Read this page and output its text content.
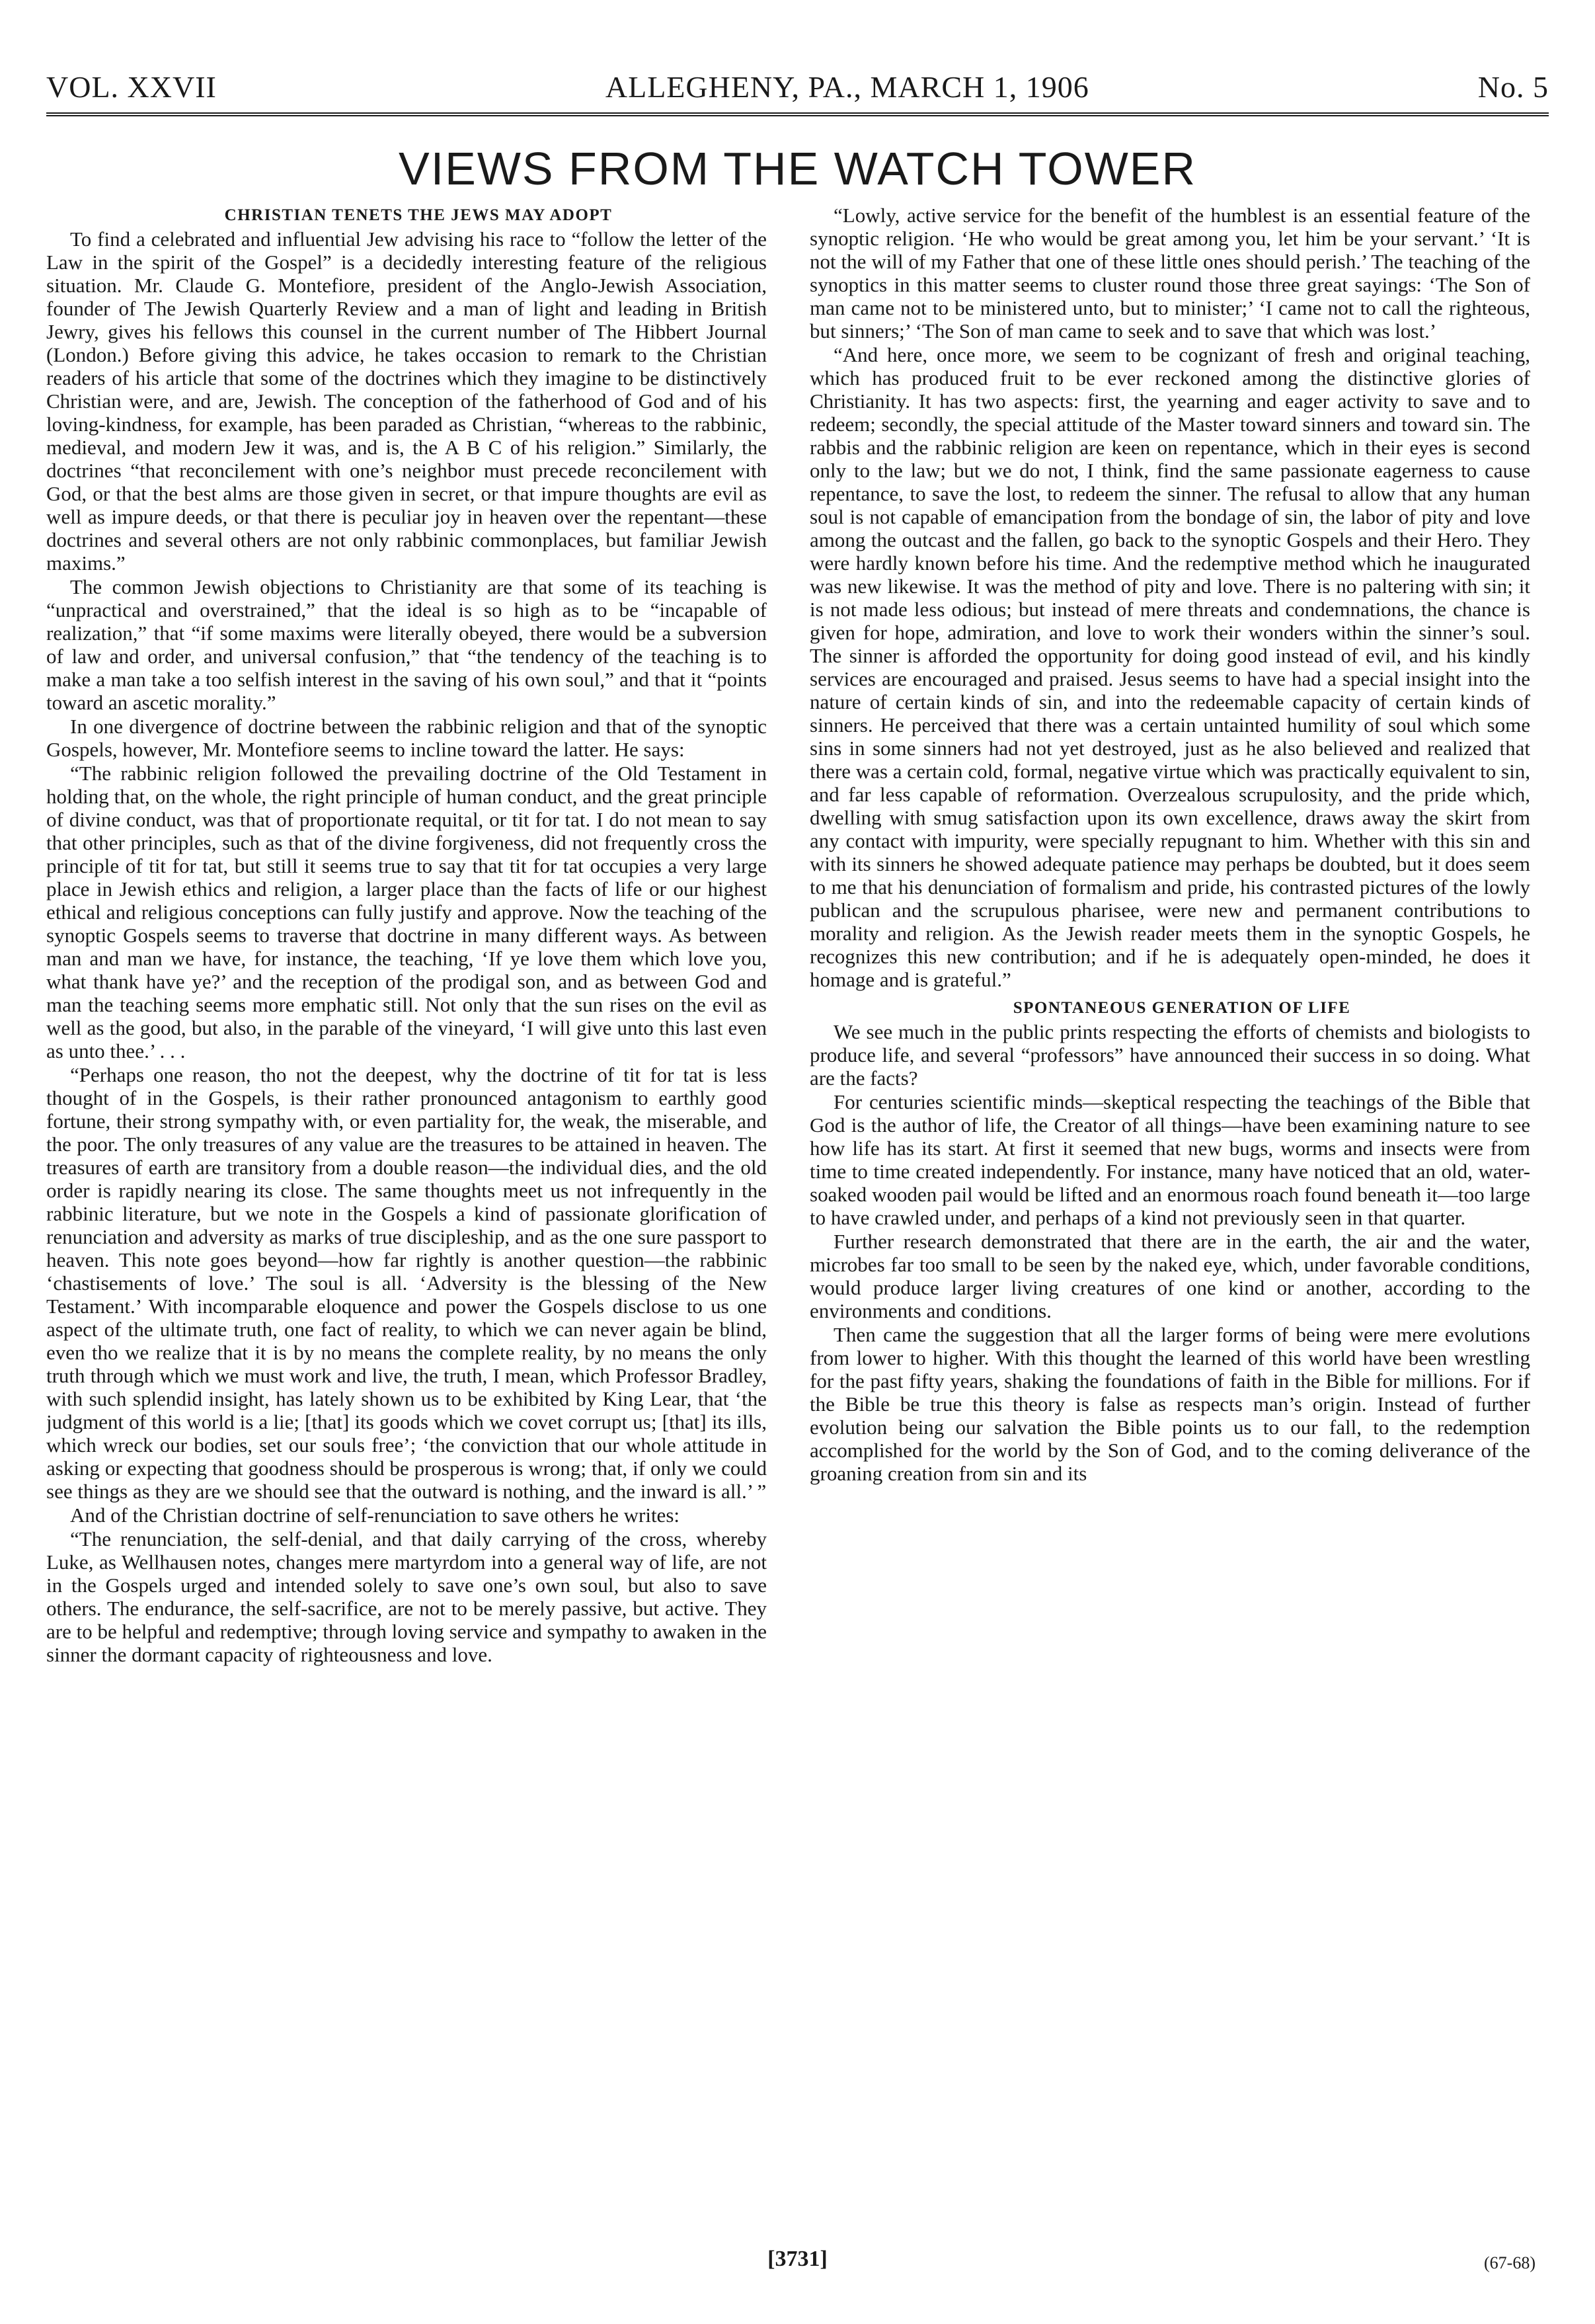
VOL. XXVII	ALLEGHENY, PA., MARCH 1, 1906	No. 5
VIEWS FROM THE WATCH TOWER

CHRISTIAN TENETS THE JEWS MAY ADOPT

To find a celebrated and influential Jew advising his race to “follow the letter of the Law in the spirit of the Gospel” is a decidedly interesting feature of the religious situation. Mr. Claude G. Montefiore, president of the Anglo-Jewish Association, founder of The Jewish Quarterly Review and a man of light and leading in British Jewry, gives his fellows this counsel in the current number of The Hibbert Journal (London.) Before giving this advice, he takes occasion to remark to the Christian readers of his article that some of the doctrines which they imagine to be distinctively Christian were, and are, Jewish. The conception of the fatherhood of God and of his loving-kindness, for example, has been paraded as Christian, “whereas to the rabbinic, medieval, and modern Jew it was, and is, the A B C of his religion.” Similarly, the doctrines “that reconcilement with one’s neighbor must precede reconcilement with God, or that the best alms are those given in secret, or that impure thoughts are evil as well as impure deeds, or that there is peculiar joy in heaven over the repentant—these doctrines and several others are not only rabbinic commonplaces, but familiar Jewish maxims.”

The common Jewish objections to Christianity are that some of its teaching is “unpractical and overstrained,” that the ideal is so high as to be “incapable of realization,” that “if some maxims were literally obeyed, there would be a subversion of law and order, and universal confusion,” that “the tendency of the teaching is to make a man take a too selfish interest in the saving of his own soul,” and that it “points toward an ascetic morality.”

In one divergence of doctrine between the rabbinic religion and that of the synoptic Gospels, however, Mr. Montefiore seems to incline toward the latter. He says:

“The rabbinic religion followed the prevailing doctrine of the Old Testament in holding that, on the whole, the right principle of human conduct, and the great principle of divine conduct, was that of proportionate requital, or tit for tat. I do not mean to say that other principles, such as that of the divine forgiveness, did not frequently cross the principle of tit for tat, but still it seems true to say that tit for tat occupies a very large place in Jewish ethics and religion, a larger place than the facts of life or our highest ethical and religious conceptions can fully justify and approve. Now the teaching of the synoptic Gospels seems to traverse that doctrine in many different ways. As between man and man we have, for instance, the teaching, ‘If ye love them which love you, what thank have ye?’ and the reception of the prodigal son, and as between God and man the teaching seems more emphatic still. Not only that the sun rises on the evil as well as the good, but also, in the parable of the vineyard, ‘I will give unto this last even as unto thee.’ . . .

“Perhaps one reason, tho not the deepest, why the doctrine of tit for tat is less thought of in the Gospels, is their rather pronounced antagonism to earthly good fortune, their strong sympathy with, or even partiality for, the weak, the miserable, and the poor. The only treasures of any value are the treasures to be attained in heaven. The treasures of earth are transitory from a double reason—the individual dies, and the old order is rapidly nearing its close. The same thoughts meet us not infrequently in the rabbinic literature, but we note in the Gospels a kind of passionate glorification of renunciation and adversity as marks of true discipleship, and as the one sure passport to heaven. This note goes beyond—how far rightly is another question—the rabbinic ‘chastisements of love.’ The soul is all. ‘Adversity is the blessing of the New Testament.’ With incomparable eloquence and power the Gospels disclose to us one aspect of the ultimate truth, one fact of reality, to which we can never again be blind, even tho we realize that it is by no means the complete reality, by no means the only truth through which we must work and live, the truth, I mean, which Professor Bradley, with such splendid insight, has lately shown us to be exhibited by King Lear, that ‘the judgment of this world is a lie; [that] its goods which we covet corrupt us; [that] its ills, which wreck our bodies, set our souls free’; ‘the conviction that our whole attitude in asking or expecting that goodness should be prosperous is wrong; that, if only we could see things as they are we should see that the outward is nothing, and the inward is all.’ ”

And of the Christian doctrine of self-renunciation to save others he writes:

“The renunciation, the self-denial, and that daily carrying of the cross, whereby Luke, as Wellhausen notes, changes mere martyrdom into a general way of life, are not in the Gospels urged and intended solely to save one’s own soul, but also to save others. The endurance, the self-sacrifice, are not to be merely passive, but active. They are to be helpful and redemptive; through loving service and sympathy to awaken in the sinner the dormant capacity of righteousness and love.

“Lowly, active service for the benefit of the humblest is an essential feature of the synoptic religion. ‘He who would be great among you, let him be your servant.’ ‘It is not the will of my Father that one of these little ones should perish.’ The teaching of the synoptics in this matter seems to cluster round those three great sayings: ‘The Son of man came not to be ministered unto, but to minister;’ ‘I came not to call the righteous, but sinners;’ ‘The Son of man came to seek and to save that which was lost.’

“And here, once more, we seem to be cognizant of fresh and original teaching, which has produced fruit to be ever reckoned among the distinctive glories of Christianity. It has two aspects: first, the yearning and eager activity to save and to redeem; secondly, the special attitude of the Master toward sinners and toward sin. The rabbis and the rabbinic religion are keen on repentance, which in their eyes is second only to the law; but we do not, I think, find the same passionate eagerness to cause repentance, to save the lost, to redeem the sinner. The refusal to allow that any human soul is not capable of emancipation from the bondage of sin, the labor of pity and love among the outcast and the fallen, go back to the synoptic Gospels and their Hero. They were hardly known before his time. And the redemptive method which he inaugurated was new likewise. It was the method of pity and love. There is no paltering with sin; it is not made less odious; but instead of mere threats and condemnations, the chance is given for hope, admiration, and love to work their wonders within the sinner’s soul. The sinner is afforded the opportunity for doing good instead of evil, and his kindly services are encouraged and praised. Jesus seems to have had a special insight into the nature of certain kinds of sin, and into the redeemable capacity of certain kinds of sinners. He perceived that there was a certain untainted humility of soul which some sins in some sinners had not yet destroyed, just as he also believed and realized that there was a certain cold, formal, negative virtue which was practically equivalent to sin, and far less capable of reformation. Overzealous scrupulosity, and the pride which, dwelling with smug satisfaction upon its own excellence, draws away the skirt from any contact with impurity, were specially repugnant to him. Whether with this sin and with its sinners he showed adequate patience may perhaps be doubted, but it does seem to me that his denunciation of formalism and pride, his contrasted pictures of the lowly publican and the scrupulous pharisee, were new and permanent contributions to morality and religion. As the Jewish reader meets them in the synoptic Gospels, he recognizes this new contribution; and if he is adequately open-minded, he does it homage and is grateful.”

SPONTANEOUS GENERATION OF LIFE

We see much in the public prints respecting the efforts of chemists and biologists to produce life, and several “professors” have announced their success in so doing. What are the facts?

For centuries scientific minds—skeptical respecting the teachings of the Bible that God is the author of life, the Creator of all things—have been examining nature to see how life has its start. At first it seemed that new bugs, worms and insects were from time to time created independently. For instance, many have noticed that an old, water-soaked wooden pail would be lifted and an enormous roach found beneath it—too large to have crawled under, and perhaps of a kind not previously seen in that quarter.

Further research demonstrated that there are in the earth, the air and the water, microbes far too small to be seen by the naked eye, which, under favorable conditions, would produce larger living creatures of one kind or another, according to the environments and conditions.

Then came the suggestion that all the larger forms of being were mere evolutions from lower to higher. With this thought the learned of this world have been wrestling for the past fifty years, shaking the foundations of faith in the Bible for millions. For if the Bible be true this theory is false as respects man’s origin. Instead of further evolution being our salvation the Bible points us to our fall, to the redemption accomplished for the world by the Son of God, and to the coming deliverance of the groaning creation from sin and its

[3731]	(67-68)
